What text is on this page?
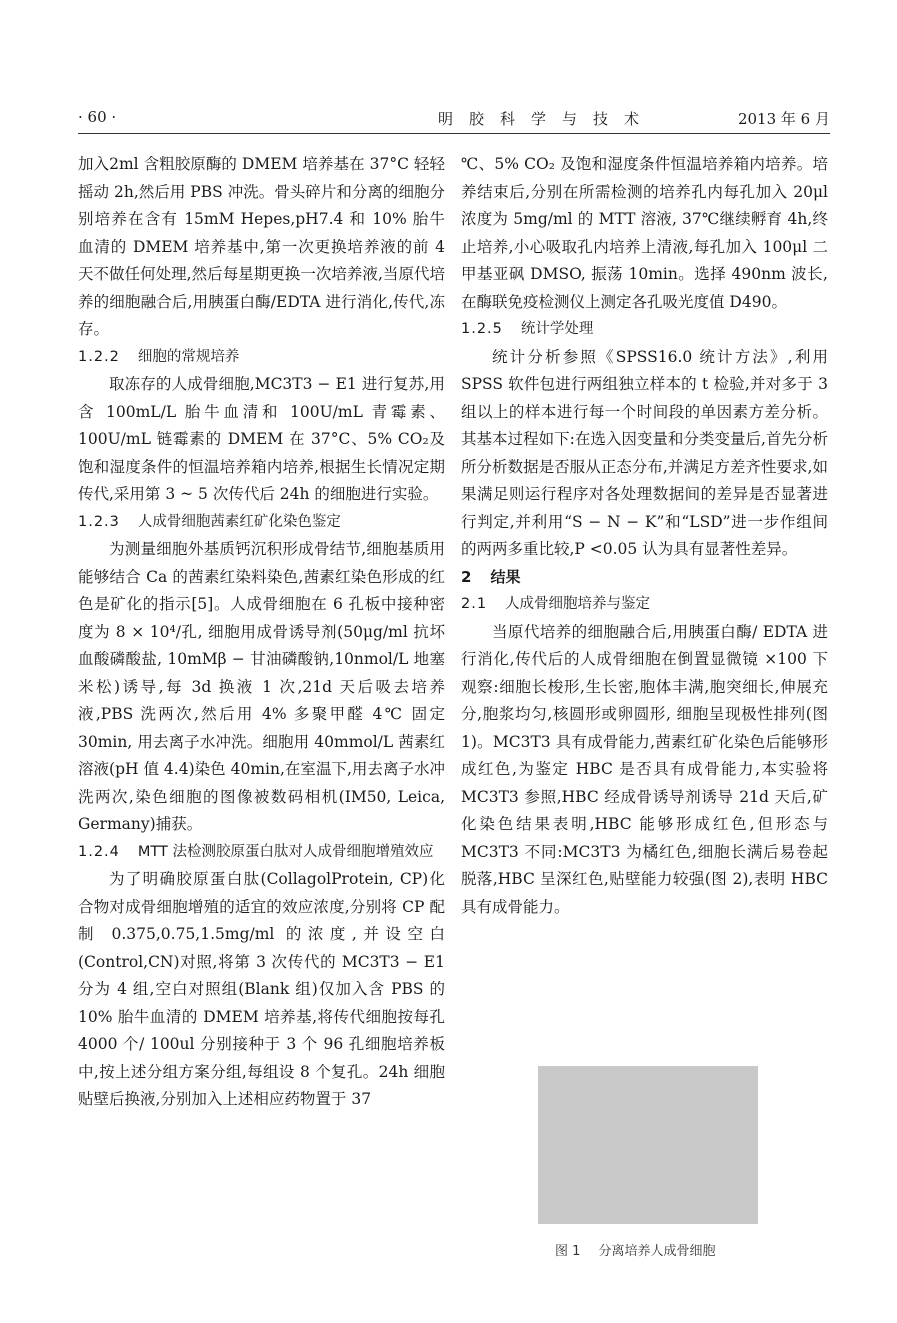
· 60 ·	明胶科学与技术	2013 年 6 月

加入2ml 含粗胶原酶的 DMEM 培养基在 37°C 轻轻摇动 2h,然后用 PBS 冲洗。骨头碎片和分离的细胞分别培养在含有 15mM Hepes,pH7.4 和 10% 胎牛血清的 DMEM 培养基中,第一次更换培养液的前 4 天不做任何处理,然后每星期更换一次培养液,当原代培养的细胞融合后,用胰蛋白酶/EDTA 进行消化,传代,冻存。

1.2.2 细胞的常规培养

取冻存的人成骨细胞,MC3T3 − E1 进行复苏,用含 100mL/L 胎牛血清和 100U/mL 青霉素、100U/mL 链霉素的 DMEM 在 37°C、5% CO₂及饱和湿度条件的恒温培养箱内培养,根据生长情况定期传代,采用第 3 ~ 5 次传代后 24h 的细胞进行实验。

1.2.3 人成骨细胞茜素红矿化染色鉴定

为测量细胞外基质钙沉积形成骨结节,细胞基质用能够结合 Ca 的茜素红染料染色,茜素红染色形成的红色是矿化的指示[5]。人成骨细胞在 6 孔板中接种密度为 8 × 10⁴/孔, 细胞用成骨诱导剂(50μg/ml 抗坏血酸磷酸盐, 10mMβ − 甘油磷酸钠,10nmol/L 地塞米松)诱导,每 3d 换液 1 次,21d 天后吸去培养液,PBS 洗两次,然后用 4% 多聚甲醛 4℃ 固定 30min, 用去离子水冲洗。细胞用 40mmol/L 茜素红溶液(pH 值 4.4)染色 40min,在室温下,用去离子水冲洗两次,染色细胞的图像被数码相机(IM50, Leica, Germany)捕获。

1.2.4 MTT 法检测胶原蛋白肽对人成骨细胞增殖效应

为了明确胶原蛋白肽(CollagolProtein, CP)化合物对成骨细胞增殖的适宜的效应浓度,分别将 CP 配制 0.375,0.75,1.5mg/ml 的浓度,并设空白(Control,CN)对照,将第 3 次传代的 MC3T3 − E1 分为 4 组,空白对照组(Blank 组)仅加入含 PBS 的 10% 胎牛血清的 DMEM 培养基,将传代细胞按每孔 4000 个/ 100ul 分别接种于 3 个 96 孔细胞培养板中,按上述分组方案分组,每组设 8 个复孔。24h 细胞贴壁后换液,分别加入上述相应药物置于 37

℃、5% CO₂ 及饱和湿度条件恒温培养箱内培养。培养结束后,分别在所需检测的培养孔内每孔加入 20μl 浓度为 5mg/ml 的 MTT 溶液, 37℃继续孵育 4h,终止培养,小心吸取孔内培养上清液,每孔加入 100μl 二甲基亚砜 DMSO, 振荡 10min。选择 490nm 波长,在酶联免疫检测仪上测定各孔吸光度值 D490。

1.2.5 统计学处理

统计分析参照《SPSS16.0 统计方法》,利用 SPSS 软件包进行两组独立样本的 t 检验,并对多于 3 组以上的样本进行每一个时间段的单因素方差分析。其基本过程如下:在选入因变量和分类变量后,首先分析所分析数据是否服从正态分布,并满足方差齐性要求,如果满足则运行程序对各处理数据间的差异是否显著进行判定,并利用“S − N − K”和“LSD”进一步作组间的两两多重比较,P <0.05 认为具有显著性差异。

2 结果
2.1 人成骨细胞培养与鉴定

当原代培养的细胞融合后,用胰蛋白酶/ EDTA 进行消化,传代后的人成骨细胞在倒置显微镜 ×100 下观察:细胞长梭形,生长密,胞体丰满,胞突细长,伸展充分,胞浆均匀,核圆形或卵圆形, 细胞呈现极性排列(图 1)。MC3T3 具有成骨能力,茜素红矿化染色后能够形成红色,为鉴定 HBC 是否具有成骨能力,本实验将 MC3T3 参照,HBC 经成骨诱导剂诱导 21d 天后,矿化染色结果表明,HBC 能够形成红色,但形态与 MC3T3 不同:MC3T3 为橘红色,细胞长满后易卷起脱落,HBC 呈深红色,贴壁能力较强(图 2),表明 HBC 具有成骨能力。

图 1 分离培养人成骨细胞
